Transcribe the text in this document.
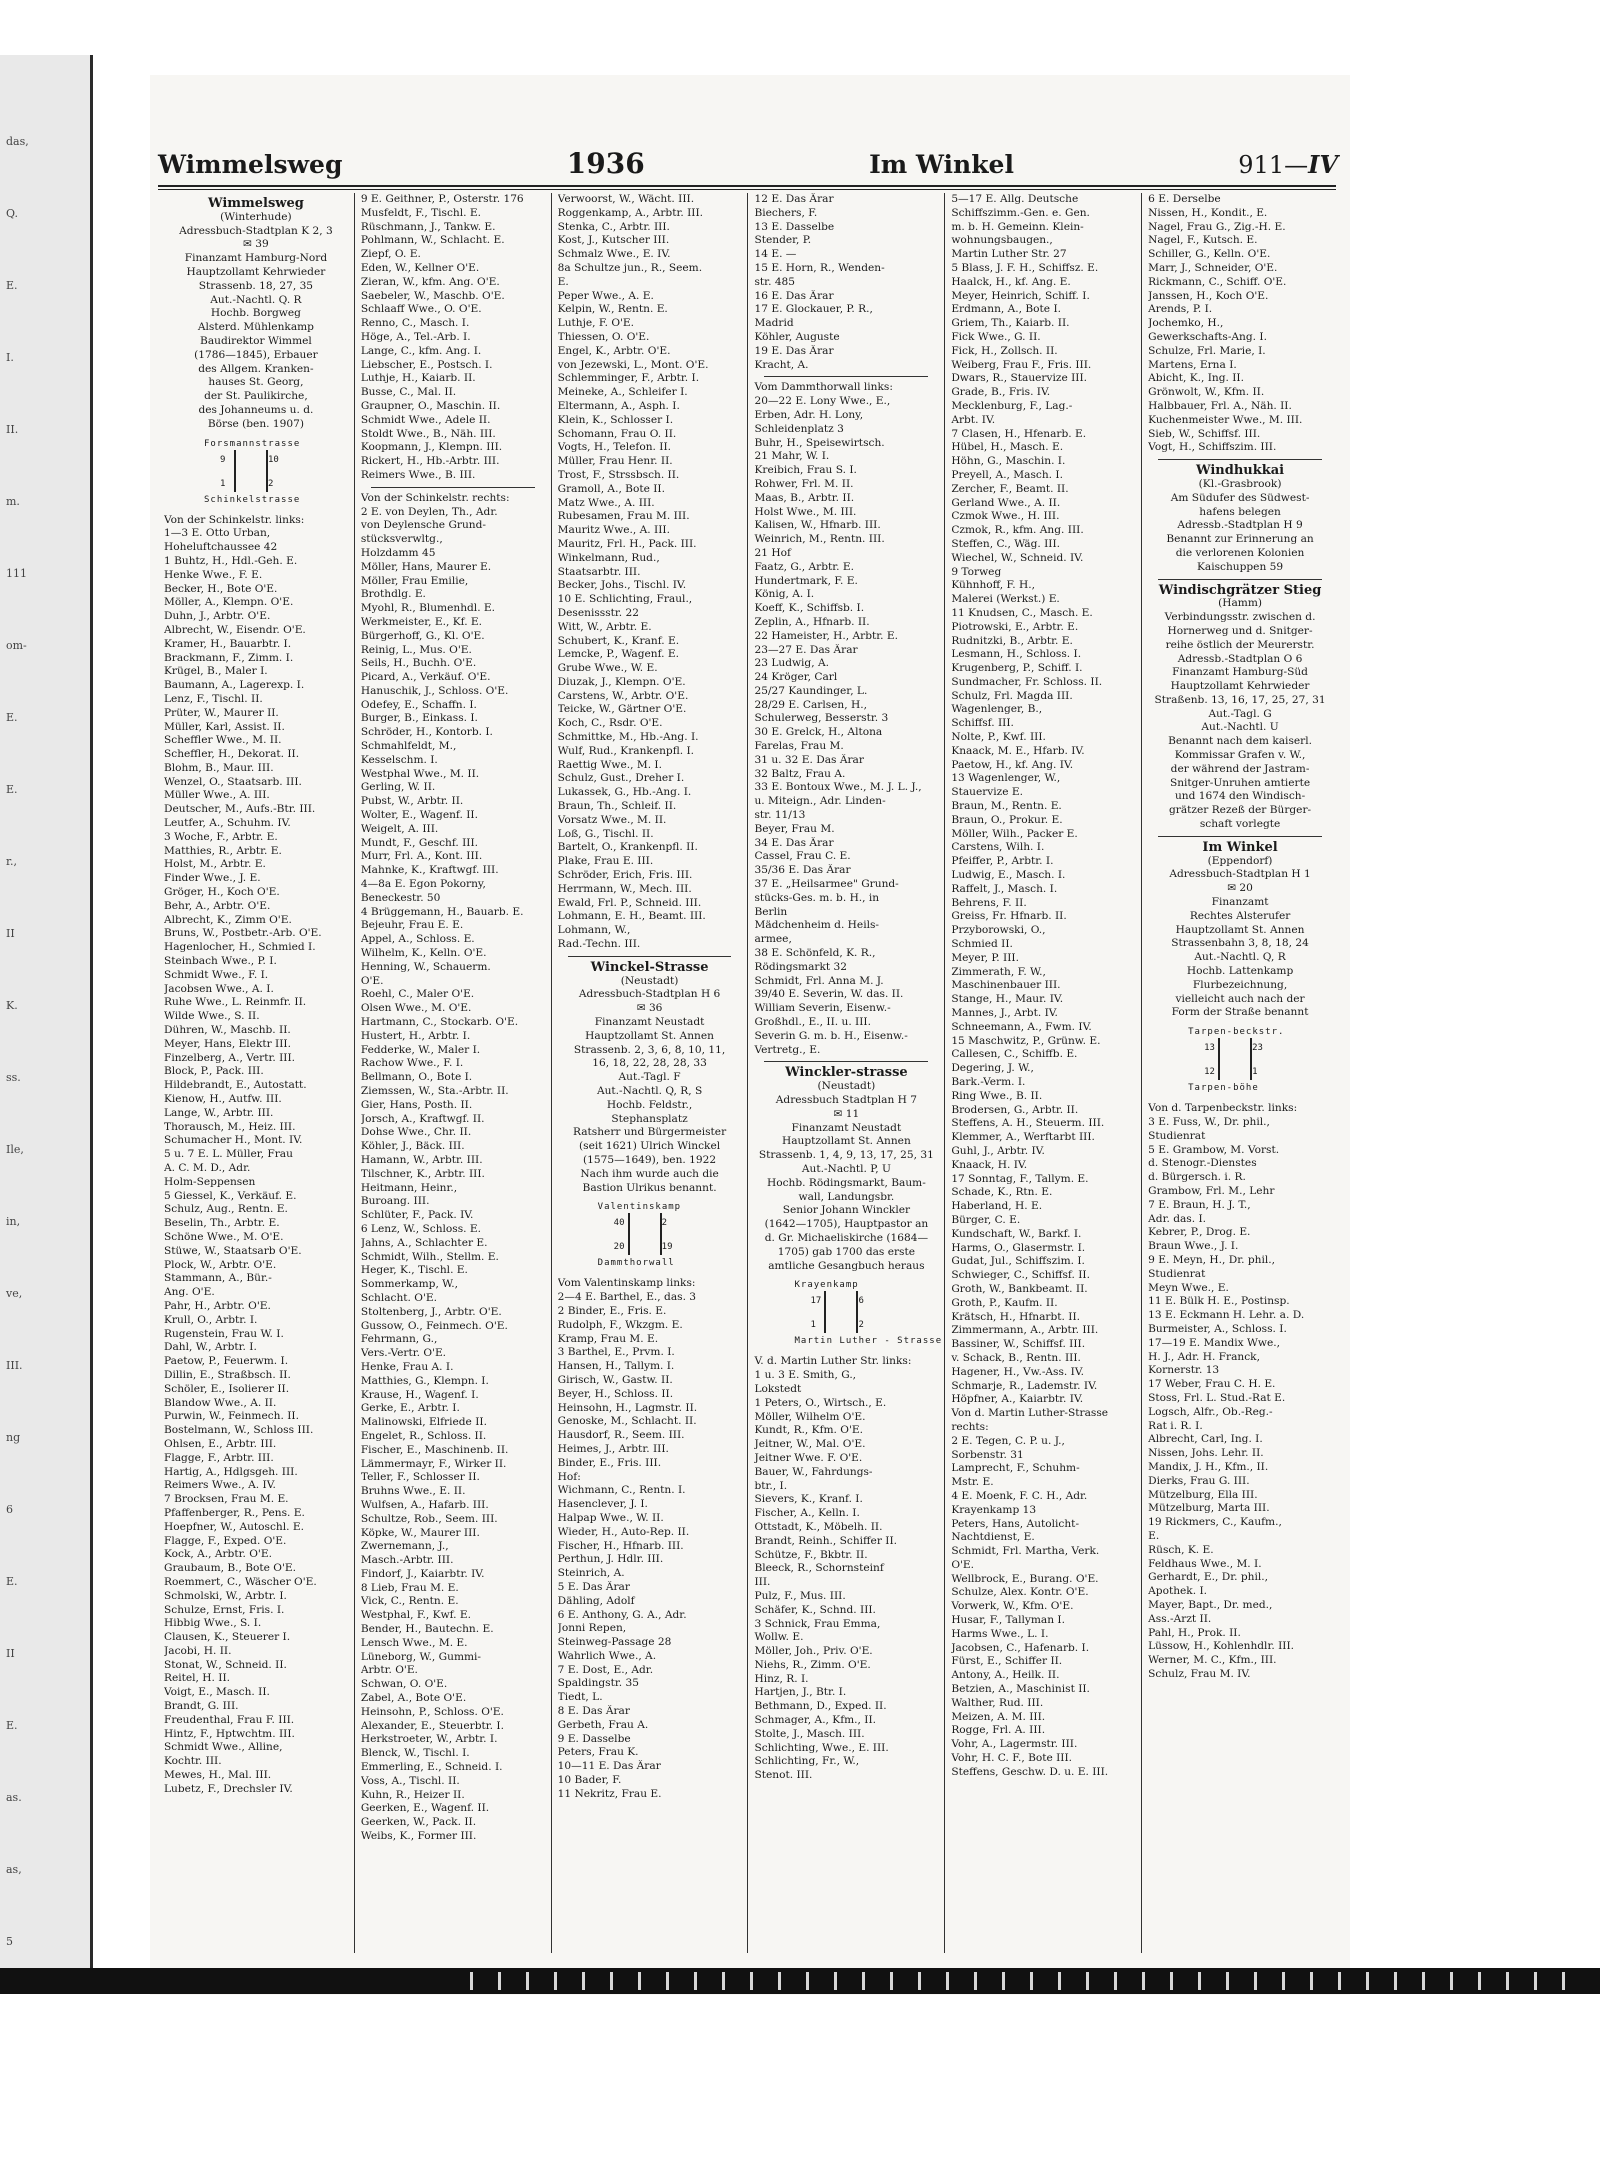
das,
Q.
E.
I.
II.
m.
111
om-
E.
E.
r.,
II
K.
ss.
Ile,
in,
ve,
III.
ng
6
E.
II
E.
as.
as,
5
Wimmelsweg	1936	Im Winkel	911—IV
Wimmelsweg
(Winterhude)
Adressbuch-Stadtplan K 2, 3
✉ 39
Finanzamt Hamburg-Nord
Hauptzollamt Kehrwieder
Strassenb. 18, 27, 35
Aut.-Nachtl. Q. R
Hochb. Borgweg
Alsterd. Mühlenkamp
Baudirektor Wimmel
(1786—1845), Erbauer
des Allgem. Kranken-
hauses St. Georg,
der St. Paulikirche,
des Johanneums u. d.
Börse (ben. 1907)
Forsmannstrasse
Schinkelstrasse
9	10
1	2
Von der Schinkelstr. links:
1—3 E. Otto Urban,
Hoheluftchaussee 42
1 Buhtz, H., Hdl.-Geh. E.
Henke Wwe., F. E.
Becker, H., Bote O'E.
Möller, A., Klempn. O'E.
Duhn, J., Arbtr. O'E.
Albrecht, W., Eisendr. O'E.
Kramer, H., Bauarbtr. I.
Brackmann, F., Zimm. I.
Krügel, B., Maler I.
Baumann, A., Lagerexp. I.
Lenz, F., Tischl. II.
Prüter, W., Maurer II.
Müller, Karl, Assist. II.
Scheffler Wwe., M. II.
Scheffler, H., Dekorat. II.
Blohm, B., Maur. III.
Wenzel, O., Staatsarb. III.
Müller Wwe., A. III.
Deutscher, M., Aufs.-Btr. III.
Leutfer, A., Schuhm. IV.
3 Woche, F., Arbtr. E.
Matthies, R., Arbtr. E.
Holst, M., Arbtr. E.
Finder Wwe., J. E.
Gröger, H., Koch O'E.
Behr, A., Arbtr. O'E.
Albrecht, K., Zimm O'E.
Bruns, W., Postbetr.-Arb. O'E.
Hagenlocher, H., Schmied I.
Steinbach Wwe., P. I.
Schmidt Wwe., F. I.
Jacobsen Wwe., A. I.
Ruhe Wwe., L. Reinmfr. II.
Wilde Wwe., S. II.
Dühren, W., Maschb. II.
Meyer, Hans, Elektr III.
Finzelberg, A., Vertr. III.
Block, P., Pack. III.
Hildebrandt, E., Autostatt.
Kienow, H., Autfw. III.
Lange, W., Arbtr. III.
Thorausch, M., Heiz. III.
Schumacher H., Mont. IV.
5 u. 7 E. L. Müller, Frau
A. C. M. D., Adr.
Holm-Seppensen
5 Giessel, K., Verkäuf. E.
Schulz, Aug., Rentn. E.
Beselin, Th., Arbtr. E.
Schöne Wwe., M. O'E.
Stüwe, W., Staatsarb O'E.
Plock, W., Arbtr. O'E.
Stammann, A., Bür.-
Ang. O'E.
Pahr, H., Arbtr. O'E.
Krull, O., Arbtr. I.
Rugenstein, Frau W. I.
Dahl, W., Arbtr. I.
Paetow, P., Feuerwm. I.
Dillin, E., Straßbsch. II.
Schöler, E., Isolierer II.
Blandow Wwe., A. II.
Purwin, W., Feinmech. II.
Bostelmann, W., Schloss III.
Ohlsen, E., Arbtr. III.
Flagge, F., Arbtr. III.
Hartig, A., Hdlgsgeh. III.
Reimers Wwe., A. IV.
7 Brocksen, Frau M. E.
Pfaffenberger, R., Pens. E.
Hoepfner, W., Autoschl. E.
Flagge, F., Exped. O'E.
Kock, A., Arbtr. O'E.
Graubaum, B., Bote O'E.
Roemmert, C., Wäscher O'E.
Schmolski, W., Arbtr. I.
Schulze, Ernst, Fris. I.
Hibbig Wwe., S. I.
Clausen, K., Steuerer I.
Jacobi, H. II.
Stonat, W., Schneid. II.
Reitel, H. II.
Voigt, E., Masch. II.
Brandt, G. III.
Freudenthal, Frau F. III.
Hintz, F., Hptwchtm. III.
Schmidt Wwe., Alline,
Kochtr. III.
Mewes, H., Mal. III.
Lubetz, F., Drechsler IV.
9 E. Geithner, P., Osterstr. 176
Musfeldt, F., Tischl. E.
Rüschmann, J., Tankw. E.
Pohlmann, W., Schlacht. E.
Ziepf, O. E.
Eden, W., Kellner O'E.
Zieran, W., kfm. Ang. O'E.
Saebeler, W., Maschb. O'E.
Schlaaff Wwe., O. O'E.
Renno, C., Masch. I.
Höge, A., Tel.-Arb. I.
Lange, C., kfm. Ang. I.
Liebscher, E., Postsch. I.
Luthje, H., Kaiarb. II.
Busse, C., Mal. II.
Graupner, O., Maschin. II.
Schmidt Wwe., Adele II.
Stoldt Wwe., B., Näh. III.
Koopmann, J., Klempn. III.
Rickert, H., Hb.-Arbtr. III.
Reimers Wwe., B. III.
Von der Schinkelstr. rechts:
2 E. von Deylen, Th., Adr.
von Deylensche Grund-
stücksverwltg.,
Holzdamm 45
Möller, Hans, Maurer E.
Möller, Frau Emilie,
Brothdlg. E.
Myohl, R., Blumenhdl. E.
Werkmeister, E., Kf. E.
Bürgerhoff, G., Kl. O'E.
Reinig, L., Mus. O'E.
Seils, H., Buchh. O'E.
Picard, A., Verkäuf. O'E.
Hanuschik, J., Schloss. O'E.
Odefey, E., Schaffn. I.
Burger, B., Einkass. I.
Schröder, H., Kontorb. I.
Schmahlfeldt, M.,
Kesselschm. I.
Westphal Wwe., M. II.
Gerling, W. II.
Pubst, W., Arbtr. II.
Wolter, E., Wagenf. II.
Weigelt, A. III.
Mundt, F., Geschf. III.
Murr, Frl. A., Kont. III.
Mahnke, K., Kraftwgf. III.
4—8a E. Egon Pokorny,
Beneckestr. 50
4 Brüggemann, H., Bauarb. E.
Bejeuhr, Frau E. E.
Appel, A., Schloss. E.
Wilhelm, K., Kelln. O'E.
Henning, W., Schauerm.
O'E.
Roehl, C., Maler O'E.
Olsen Wwe., M. O'E.
Hartmann, C., Stockarb. O'E.
Hustert, H., Arbtr. I.
Fedderke, W., Maler I.
Rachow Wwe., F. I.
Bellmann, O., Bote I.
Ziemssen, W., Sta.-Arbtr. II.
Gier, Hans, Posth. II.
Jorsch, A., Kraftwgf. II.
Dohse Wwe., Chr. II.
Köhler, J., Bäck. III.
Hamann, W., Arbtr. III.
Tilschner, K., Arbtr. III.
Heitmann, Heinr.,
Buroang. III.
Schlüter, F., Pack. IV.
6 Lenz, W., Schloss. E.
Jahns, A., Schlachter E.
Schmidt, Wilh., Stellm. E.
Heger, K., Tischl. E.
Sommerkamp, W.,
Schlacht. O'E.
Stoltenberg, J., Arbtr. O'E.
Gussow, O., Feinmech. O'E.
Fehrmann, G.,
Vers.-Vertr. O'E.
Henke, Frau A. I.
Matthies, G., Klempn. I.
Krause, H., Wagenf. I.
Gerke, E., Arbtr. I.
Malinowski, Elfriede II.
Engelet, R., Schloss. II.
Fischer, E., Maschinenb. II.
Lämmermayr, F., Wirker II.
Teller, F., Schlosser II.
Bruhns Wwe., E. II.
Wulfsen, A., Hafarb. III.
Schultze, Rob., Seem. III.
Köpke, W., Maurer III.
Zwernemann, J.,
Masch.-Arbtr. III.
Findorf, J., Kaiarbtr. IV.
8 Lieb, Frau M. E.
Vick, C., Rentn. E.
Westphal, F., Kwf. E.
Bender, H., Bautechn. E.
Lensch Wwe., M. E.
Lüneborg, W., Gummi-
Arbtr. O'E.
Schwan, O. O'E.
Zabel, A., Bote O'E.
Heinsohn, P., Schloss. O'E.
Alexander, E., Steuerbtr. I.
Herkstroeter, W., Arbtr. I.
Blenck, W., Tischl. I.
Emmerling, E., Schneid. I.
Voss, A., Tischl. II.
Kuhn, R., Heizer II.
Geerken, E., Wagenf. II.
Geerken, W., Pack. II.
Weibs, K., Former III.
Verwoorst, W., Wächt. III.
Roggenkamp, A., Arbtr. III.
Stenka, C., Arbtr. III.
Kost, J., Kutscher III.
Schmalz Wwe., E. IV.
8a Schultze jun., R., Seem.
E.
Peper Wwe., A. E.
Kelpin, W., Rentn. E.
Luthje, F. O'E.
Thiessen, O. O'E.
Engel, K., Arbtr. O'E.
von Jezewski, L., Mont. O'E.
Schlemminger, F., Arbtr. I.
Meineke, A., Schleifer I.
Eltermann, A., Asph. I.
Klein, K., Schlosser I.
Schomann, Frau O. II.
Vogts, H., Telefon. II.
Müller, Frau Henr. II.
Trost, F., Strssbsch. II.
Gramoll, A., Bote II.
Matz Wwe., A. III.
Rubesamen, Frau M. III.
Mauritz Wwe., A. III.
Mauritz, Frl. H., Pack. III.
Winkelmann, Rud.,
Staatsarbtr. III.
Becker, Johs., Tischl. IV.
10 E. Schlichting, Fraul.,
Desenissstr. 22
Witt, W., Arbtr. E.
Schubert, K., Kranf. E.
Lemcke, P., Wagenf. E.
Grube Wwe., W. E.
Diuzak, J., Klempn. O'E.
Carstens, W., Arbtr. O'E.
Teicke, W., Gärtner O'E.
Koch, C., Rsdr. O'E.
Schmittke, M., Hb.-Ang. I.
Wulf, Rud., Krankenpfl. I.
Raettig Wwe., M. I.
Schulz, Gust., Dreher I.
Lukassek, G., Hb.-Ang. I.
Braun, Th., Schleif. II.
Vorsatz Wwe., M. II.
Loß, G., Tischl. II.
Bartelt, O., Krankenpfl. II.
Plake, Frau E. III.
Schröder, Erich, Fris. III.
Herrmann, W., Mech. III.
Ewald, Frl. P., Schneid. III.
Lohmann, E. H., Beamt. III.
Lohmann, W.,
Rad.-Techn. III.
Winckel-Strasse
(Neustadt)
Adressbuch-Stadtplan H 6
✉ 36
Finanzamt Neustadt
Hauptzollamt St. Annen
Strassenb. 2, 3, 6, 8, 10, 11,
16, 18, 22, 28, 28, 33
Aut.-Tagl. F
Aut.-Nachtl. Q, R, S
Hochb. Feldstr.,
Stephansplatz
Ratsherr und Bürgermeister
(seit 1621) Ulrich Winckel
(1575—1649), ben. 1922
Nach ihm wurde auch die
Bastion Ulrikus benannt.
Valentinskamp
Dammthorwall
40	2
20	19
Vom Valentinskamp links:
2—4 E. Barthel, E., das. 3
2 Binder, E., Fris. E.
Rudolph, F., Wkzgm. E.
Kramp, Frau M. E.
3 Barthel, E., Prvm. I.
Hansen, H., Tallym. I.
Girisch, W., Gastw. II.
Beyer, H., Schloss. II.
Heinsohn, H., Lagmstr. II.
Genoske, M., Schlacht. II.
Hausdorf, R., Seem. III.
Heimes, J., Arbtr. III.
Binder, E., Fris. III.
Hof:
Wichmann, C., Rentn. I.
Hasenclever, J. I.
Halpap Wwe., W. II.
Wieder, H., Auto-Rep. II.
Fischer, H., Hfnarb. III.
Perthun, J. Hdlr. III.
Steinrich, A.
5 E. Das Ärar
Dähling, Adolf
6 E. Anthony, G. A., Adr.
Jonni Repen,
Steinweg-Passage 28
Wahrlich Wwe., A.
7 E. Dost, E., Adr.
Spaldingstr. 35
Tiedt, L.
8 E. Das Ärar
Gerbeth, Frau A.
9 E. Dasselbe
Peters, Frau K.
10—11 E. Das Ärar
10 Bader, F.
11 Nekritz, Frau E.
12 E. Das Ärar
Biechers, F.
13 E. Dasselbe
Stender, P.
14 E. —
15 E. Horn, R., Wenden-
str. 485
16 E. Das Ärar
17 E. Glockauer, P. R.,
Madrid
Köhler, Auguste
19 E. Das Ärar
Kracht, A.
Vom Dammthorwall links:
20—22 E. Lony Wwe., E.,
Erben, Adr. H. Lony,
Schleidenplatz 3
Buhr, H., Speisewirtsch.
21 Mahr, W. I.
Kreibich, Frau S. I.
Rohwer, Frl. M. II.
Maas, B., Arbtr. II.
Holst Wwe., M. III.
Kalisen, W., Hfnarb. III.
Weinrich, M., Rentn. III.
21 Hof
Faatz, G., Arbtr. E.
Hundertmark, F. E.
König, A. I.
Koeff, K., Schiffsb. I.
Zeplin, A., Hfnarb. II.
22 Hameister, H., Arbtr. E.
23—27 E. Das Ärar
23 Ludwig, A.
24 Kröger, Carl
25/27 Kaundinger, L.
28/29 E. Carlsen, H.,
Schulerweg, Besserstr. 3
30 E. Grelck, H., Altona
Farelas, Frau M.
31 u. 32 E. Das Ärar
32 Baltz, Frau A.
33 E. Bontoux Wwe., M. J. L. J.,
u. Miteign., Adr. Linden-
str. 11/13
Beyer, Frau M.
34 E. Das Ärar
Cassel, Frau C. E.
35/36 E. Das Ärar
37 E. „Heilsarmee" Grund-
stücks-Ges. m. b. H., in
Berlin
Mädchenheim d. Heils-
armee,
38 E. Schönfeld, K. R.,
Rödingsmarkt 32
Schmidt, Frl. Anna M. J.
39/40 E. Severin, W. das. II.
William Severin, Eisenw.-
Großhdl., E., II. u. III.
Severin G. m. b. H., Eisenw.-
Vertretg., E.
Winckler-strasse
(Neustadt)
Adressbuch Stadtplan H 7
✉ 11
Finanzamt Neustadt
Hauptzollamt St. Annen
Strassenb. 1, 4, 9, 13, 17, 25, 31
Aut.-Nachtl. P, U
Hochb. Rödingsmarkt, Baum-
wall, Landungsbr.
Senior Johann Winckler
(1642—1705), Hauptpastor an
d. Gr. Michaeliskirche (1684—
1705) gab 1700 das erste
amtliche Gesangbuch heraus
Krayenkamp
Martin Luther - Strasse
17	6
1	2
V. d. Martin Luther Str. links:
1 u. 3 E. Smith, G.,
Lokstedt
1 Peters, O., Wirtsch., E.
Möller, Wilhelm O'E.
Kundt, R., Kfm. O'E.
Jeitner, W., Mal. O'E.
Jeitner Wwe. F. O'E.
Bauer, W., Fahrdungs-
btr., I.
Sievers, K., Kranf. I.
Fischer, A., Kelln. I.
Ottstadt, K., Möbelh. II.
Brandt, Reinh., Schiffer II.
Schütze, F., Bkbtr. II.
Bleeck, R., Schornsteinf
III.
Pulz, F., Mus. III.
Schäfer, K., Schnd. III.
3 Schnick, Frau Emma,
Wollw. E.
Möller, Joh., Priv. O'E.
Niehs, R., Zimm. O'E.
Hinz, R. I.
Hartjen, J., Btr. I.
Bethmann, D., Exped. II.
Schmager, A., Kfm., II.
Stolte, J., Masch. III.
Schlichting, Wwe., E. III.
Schlichting, Fr., W.,
Stenot. III.
5—17 E. Allg. Deutsche
Schiffszimm.-Gen. e. Gen.
m. b. H. Gemeinn. Klein-
wohnungsbaugen.,
Martin Luther Str. 27
5 Blass, J. F. H., Schiffsz. E.
Haalck, H., kf. Ang. E.
Meyer, Heinrich, Schiff. I.
Erdmann, A., Bote I.
Griem, Th., Kaiarb. II.
Fick Wwe., G. II.
Fick, H., Zollsch. II.
Weiberg, Frau F., Fris. III.
Dwars, R., Stauervize III.
Grade, B., Fris. IV.
Mecklenburg, F., Lag.-
Arbt. IV.
7 Clasen, H., Hfenarb. E.
Hübel, H., Masch. E.
Höhn, G., Maschin. I.
Preyell, A., Masch. I.
Zercher, F., Beamt. II.
Gerland Wwe., A. II.
Czmok Wwe., H. III.
Czmok, R., kfm. Ang. III.
Steffen, C., Wäg. III.
Wiechel, W., Schneid. IV.
9 Torweg
Kühnhoff, F. H.,
Malerei (Werkst.) E.
11 Knudsen, C., Masch. E.
Piotrowski, E., Arbtr. E.
Rudnitzki, B., Arbtr. E.
Lesmann, H., Schloss. I.
Krugenberg, P., Schiff. I.
Sundmacher, Fr. Schloss. II.
Schulz, Frl. Magda III.
Wagenlenger, B.,
Schiffsf. III.
Nolte, P., Kwf. III.
Knaack, M. E., Hfarb. IV.
Paetow, H., kf. Ang. IV.
13 Wagenlenger, W.,
Stauervize E.
Braun, M., Rentn. E.
Braun, O., Prokur. E.
Möller, Wilh., Packer E.
Carstens, Wilh. I.
Pfeiffer, P., Arbtr. I.
Ludwig, E., Masch. I.
Raffelt, J., Masch. I.
Behrens, F. II.
Greiss, Fr. Hfnarb. II.
Przyborowski, O.,
Schmied II.
Meyer, P. III.
Zimmerath, F. W.,
Maschinenbauer III.
Stange, H., Maur. IV.
Mannes, J., Arbt. IV.
Schneemann, A., Fwm. IV.
15 Maschwitz, P., Grünw. E.
Callesen, C., Schiffb. E.
Degering, J. W.,
Bark.-Verm. I.
Ring Wwe., B. II.
Brodersen, G., Arbtr. II.
Steffens, A. H., Steuerm. III.
Klemmer, A., Werftarbt III.
Guhl, J., Arbtr. IV.
Knaack, H. IV.
17 Sonntag, F., Tallym. E.
Schade, K., Rtn. E.
Haberland, H. E.
Bürger, C. E.
Kundschaft, W., Barkf. I.
Harms, O., Glasermstr. I.
Gudat, Jul., Schiffszim. I.
Schwieger, C., Schiffsf. II.
Groth, W., Bankbeamt. II.
Groth, P., Kaufm. II.
Krätsch, H., Hfnarbt. II.
Zimmermann, A., Arbtr. III.
Bassiner, W., Schiffsf. III.
v. Schack, B., Rentn. III.
Hagener, H., Vw.-Ass. IV.
Schmarje, R., Lademstr. IV.
Höpfner, A., Kaiarbtr. IV.
Von d. Martin Luther-Strasse
rechts:
2 E. Tegen, C. P. u. J.,
Sorbenstr. 31
Lamprecht, F., Schuhm-
Mstr. E.
4 E. Moenk, F. C. H., Adr.
Krayenkamp 13
Peters, Hans, Autolicht-
Nachtdienst, E.
Schmidt, Frl. Martha, Verk.
O'E.
Wellbrock, E., Burang. O'E.
Schulze, Alex. Kontr. O'E.
Vorwerk, W., Kfm. O'E.
Husar, F., Tallyman I.
Harms Wwe., L. I.
Jacobsen, C., Hafenarb. I.
Fürst, E., Schiffer II.
Antony, A., Heilk. II.
Betzien, A., Maschinist II.
Walther, Rud. III.
Meizen, A. M. III.
Rogge, Frl. A. III.
Vohr, A., Lagermstr. III.
Vohr, H. C. F., Bote III.
Steffens, Geschw. D. u. E. III.
6 E. Derselbe
Nissen, H., Kondit., E.
Nagel, Frau G., Zig.-H. E.
Nagel, F., Kutsch. E.
Schiller, G., Kelln. O'E.
Marr, J., Schneider, O'E.
Rickmann, C., Schiff. O'E.
Janssen, H., Koch O'E.
Arends, P. I.
Jochemko, H.,
Gewerkschafts-Ang. I.
Schulze, Frl. Marie, I.
Martens, Erna I.
Abicht, K., Ing. II.
Grönwolt, W., Kfm. II.
Halbbauer, Frl. A., Näh. II.
Kuchenmeister Wwe., M. III.
Sieb, W., Schiffsf. III.
Vogt, H., Schiffszim. III.
Windhukkai
(Kl.-Grasbrook)
Am Südufer des Südwest-
hafens belegen
Adressb.-Stadtplan H 9
Benannt zur Erinnerung an
die verlorenen Kolonien
Kaischuppen 59
Windischgrätzer Stieg
(Hamm)
Verbindungsstr. zwischen d.
Hornerweg und d. Snitger-
reihe östlich der Meurerstr.
Adressb.-Stadtplan O 6
Finanzamt Hamburg-Süd
Hauptzollamt Kehrwieder
Straßenb. 13, 16, 17, 25, 27, 31
Aut.-Tagl. G
Aut.-Nachtl. U
Benannt nach dem kaiserl.
Kommissar Grafen v. W.,
der während der Jastram-
Snitger-Unruhen amtierte
und 1674 den Windisch-
grätzer Rezeß der Bürger-
schaft vorlegte
Im Winkel
(Eppendorf)
Adressbuch-Stadtplan H 1
✉ 20
Finanzamt
Rechtes Alsterufer
Hauptzollamt St. Annen
Strassenbahn 3, 8, 18, 24
Aut.-Nachtl. Q, R
Hochb. Lattenkamp
Flurbezeichnung,
vielleicht auch nach der
Form der Straße benannt
Tarpen-beckstr.
Tarpen-böhe
13	23
12	1
Von d. Tarpenbeckstr. links:
3 E. Fuss, W., Dr. phil.,
Studienrat
5 E. Grambow, M. Vorst.
d. Stenogr.-Dienstes
d. Bürgersch. i. R.
Grambow, Frl. M., Lehr
7 E. Braun, H. J. T.,
Adr. das. I.
Kebrer, P., Drog. E.
Braun Wwe., J. I.
9 E. Meyn, H., Dr. phil.,
Studienrat
Meyn Wwe., E.
11 E. Bülk H. E., Postinsp.
13 E. Eckmann H. Lehr. a. D.
Burmeister, A., Schloss. I.
17—19 E. Mandix Wwe.,
H. J., Adr. H. Franck,
Kornerstr. 13
17 Weber, Frau C. H. E.
Stoss, Frl. L. Stud.-Rat E.
Logsch, Alfr., Ob.-Reg.-
Rat i. R. I.
Albrecht, Carl, Ing. I.
Nissen, Johs. Lehr. II.
Mandix, J. H., Kfm., II.
Dierks, Frau G. III.
Mützelburg, Ella III.
Mützelburg, Marta III.
19 Rickmers, C., Kaufm.,
E.
Rüsch, K. E.
Feldhaus Wwe., M. I.
Gerhardt, E., Dr. phil.,
Apothek. I.
Mayer, Bapt., Dr. med.,
Ass.-Arzt II.
Pahl, H., Prok. II.
Lüssow, H., Kohlenhdlr. III.
Werner, M. C., Kfm., III.
Schulz, Frau M. IV.
